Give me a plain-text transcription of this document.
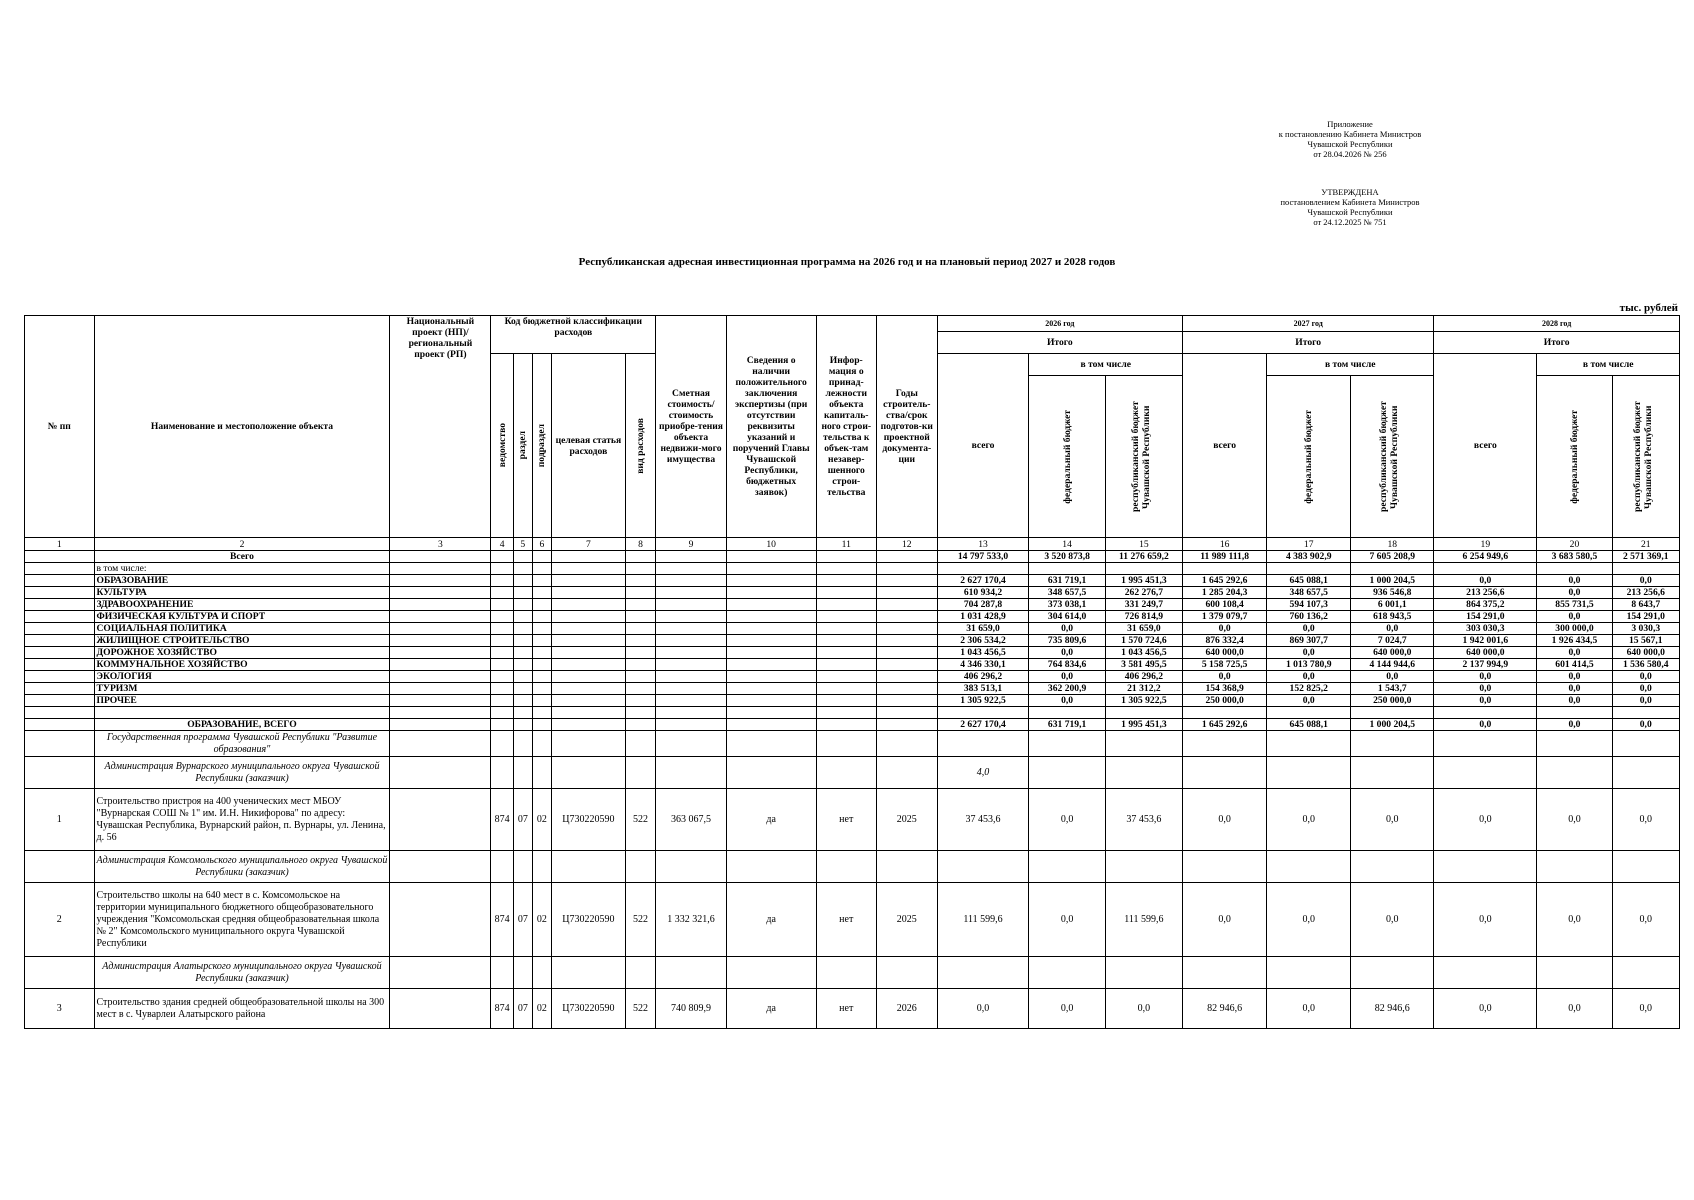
Приложение
к постановлению Кабинета Министров
Чувашской Республики
от 28.04.2026 № 256
УТВЕРЖДЕНА
постановлением Кабинета Министров
Чувашской Республики
от 24.12.2025 № 751
Республиканская адресная инвестиционная программа на 2026 год и на плановый период 2027 и 2028 годов
тыс. рублей
№ пп	Наименование и местоположение объекта	Национальный проект (НП)/ региональный проект (РП)	Код бюджетной классификации расходов					Сметная стоимость/ стоимость приобре-тения объекта недвижи-мого имущества	Сведения о наличии положительного заключения экспертизы (при отсутствии реквизиты указаний и поручений Главы Чувашской Республики, бюджетных заявок)	Инфор-мация о принад-лежности объекта капиталь-ного строи-тельства к объек-там незавер-шенного строи-тельства	Годы строитель-ства/срок подготов-ки проектной документа-ции	2026 год			2027 год			2028 год		
												Итого			Итого			Итого		

			ведомство	раздел	подраздел	целевая статья расходов	вид расходов					всего	в том числе		всего	в том числе		всего	в том числе	

													федеральный бюджет	республиканский бюджет Чувашской Республики		федеральный бюджет	республиканский бюджет Чувашской Республики		федеральный бюджет	республиканский бюджет Чувашской Республики

1	2	3	4	5	6	7	8	9	10	11	12	13	14	15	16	17	18	19	20	21
	Всего											14 797 533,0	3 520 873,8	11 276 659,2	11 989 111,8	4 383 902,9	7 605 208,9	6 254 949,6	3 683 580,5	2 571 369,1
	в том числе:																			
	ОБРАЗОВАНИЕ											2 627 170,4	631 719,1	1 995 451,3	1 645 292,6	645 088,1	1 000 204,5	0,0	0,0	0,0
	КУЛЬТУРА											610 934,2	348 657,5	262 276,7	1 285 204,3	348 657,5	936 546,8	213 256,6	0,0	213 256,6
	ЗДРАВООХРАНЕНИЕ											704 287,8	373 038,1	331 249,7	600 108,4	594 107,3	6 001,1	864 375,2	855 731,5	8 643,7
	ФИЗИЧЕСКАЯ КУЛЬТУРА И СПОРТ											1 031 428,9	304 614,0	726 814,9	1 379 079,7	760 136,2	618 943,5	154 291,0	0,0	154 291,0
	СОЦИАЛЬНАЯ ПОЛИТИКА											31 659,0	0,0	31 659,0	0,0	0,0	0,0	303 030,3	300 000,0	3 030,3
	ЖИЛИЩНОЕ СТРОИТЕЛЬСТВО											2 306 534,2	735 809,6	1 570 724,6	876 332,4	869 307,7	7 024,7	1 942 001,6	1 926 434,5	15 567,1
	ДОРОЖНОЕ ХОЗЯЙСТВО											1 043 456,5	0,0	1 043 456,5	640 000,0	0,0	640 000,0	640 000,0	0,0	640 000,0
	КОММУНАЛЬНОЕ ХОЗЯЙСТВО											4 346 330,1	764 834,6	3 581 495,5	5 158 725,5	1 013 780,9	4 144 944,6	2 137 994,9	601 414,5	1 536 580,4
	ЭКОЛОГИЯ											406 296,2	0,0	406 296,2	0,0	0,0	0,0	0,0	0,0	0,0
	ТУРИЗМ											383 513,1	362 200,9	21 312,2	154 368,9	152 825,2	1 543,7	0,0	0,0	0,0
	ПРОЧЕЕ											1 305 922,5	0,0	1 305 922,5	250 000,0	0,0	250 000,0	0,0	0,0	0,0

	ОБРАЗОВАНИЕ, ВСЕГО											2 627 170,4	631 719,1	1 995 451,3	1 645 292,6	645 088,1	1 000 204,5	0,0	0,0	0,0
	Государственная программа Чувашской Республики "Развитие образования"																			
	Администрация Вурнарского муниципального округа Чувашской Республики (заказчик)											4,0								
1	Строительство пристроя на 400 ученических мест МБОУ "Вурнарская СОШ № 1" им. И.Н. Никифорова" по адресу: Чувашская Республика, Вурнарский район, п. Вурнары, ул. Ленина, д. 56		874	07	02	Ц730220590	522	363 067,5	да	нет	2025	37 453,6	0,0	37 453,6	0,0	0,0	0,0	0,0	0,0	0,0
	Администрация Комсомольского муниципального округа Чувашской Республики (заказчик)																			
2	Строительство школы на 640 мест в с. Комсомольское на территории муниципального бюджетного общеобразовательного учреждения "Комсомольская средняя общеобразовательная школа № 2" Комсомольского муниципального округа Чувашской Республики		874	07	02	Ц730220590	522	1 332 321,6	да	нет	2025	111 599,6	0,0	111 599,6	0,0	0,0	0,0	0,0	0,0	0,0
	Администрация Алатырского муниципального округа Чувашской Республики (заказчик)																			
3	Строительство здания средней общеобразовательной школы на 300 мест в с. Чуварлеи Алатырского района		874	07	02	Ц730220590	522	740 809,9	да	нет	2026	0,0	0,0	0,0	82 946,6	0,0	82 946,6	0,0	0,0	0,0
